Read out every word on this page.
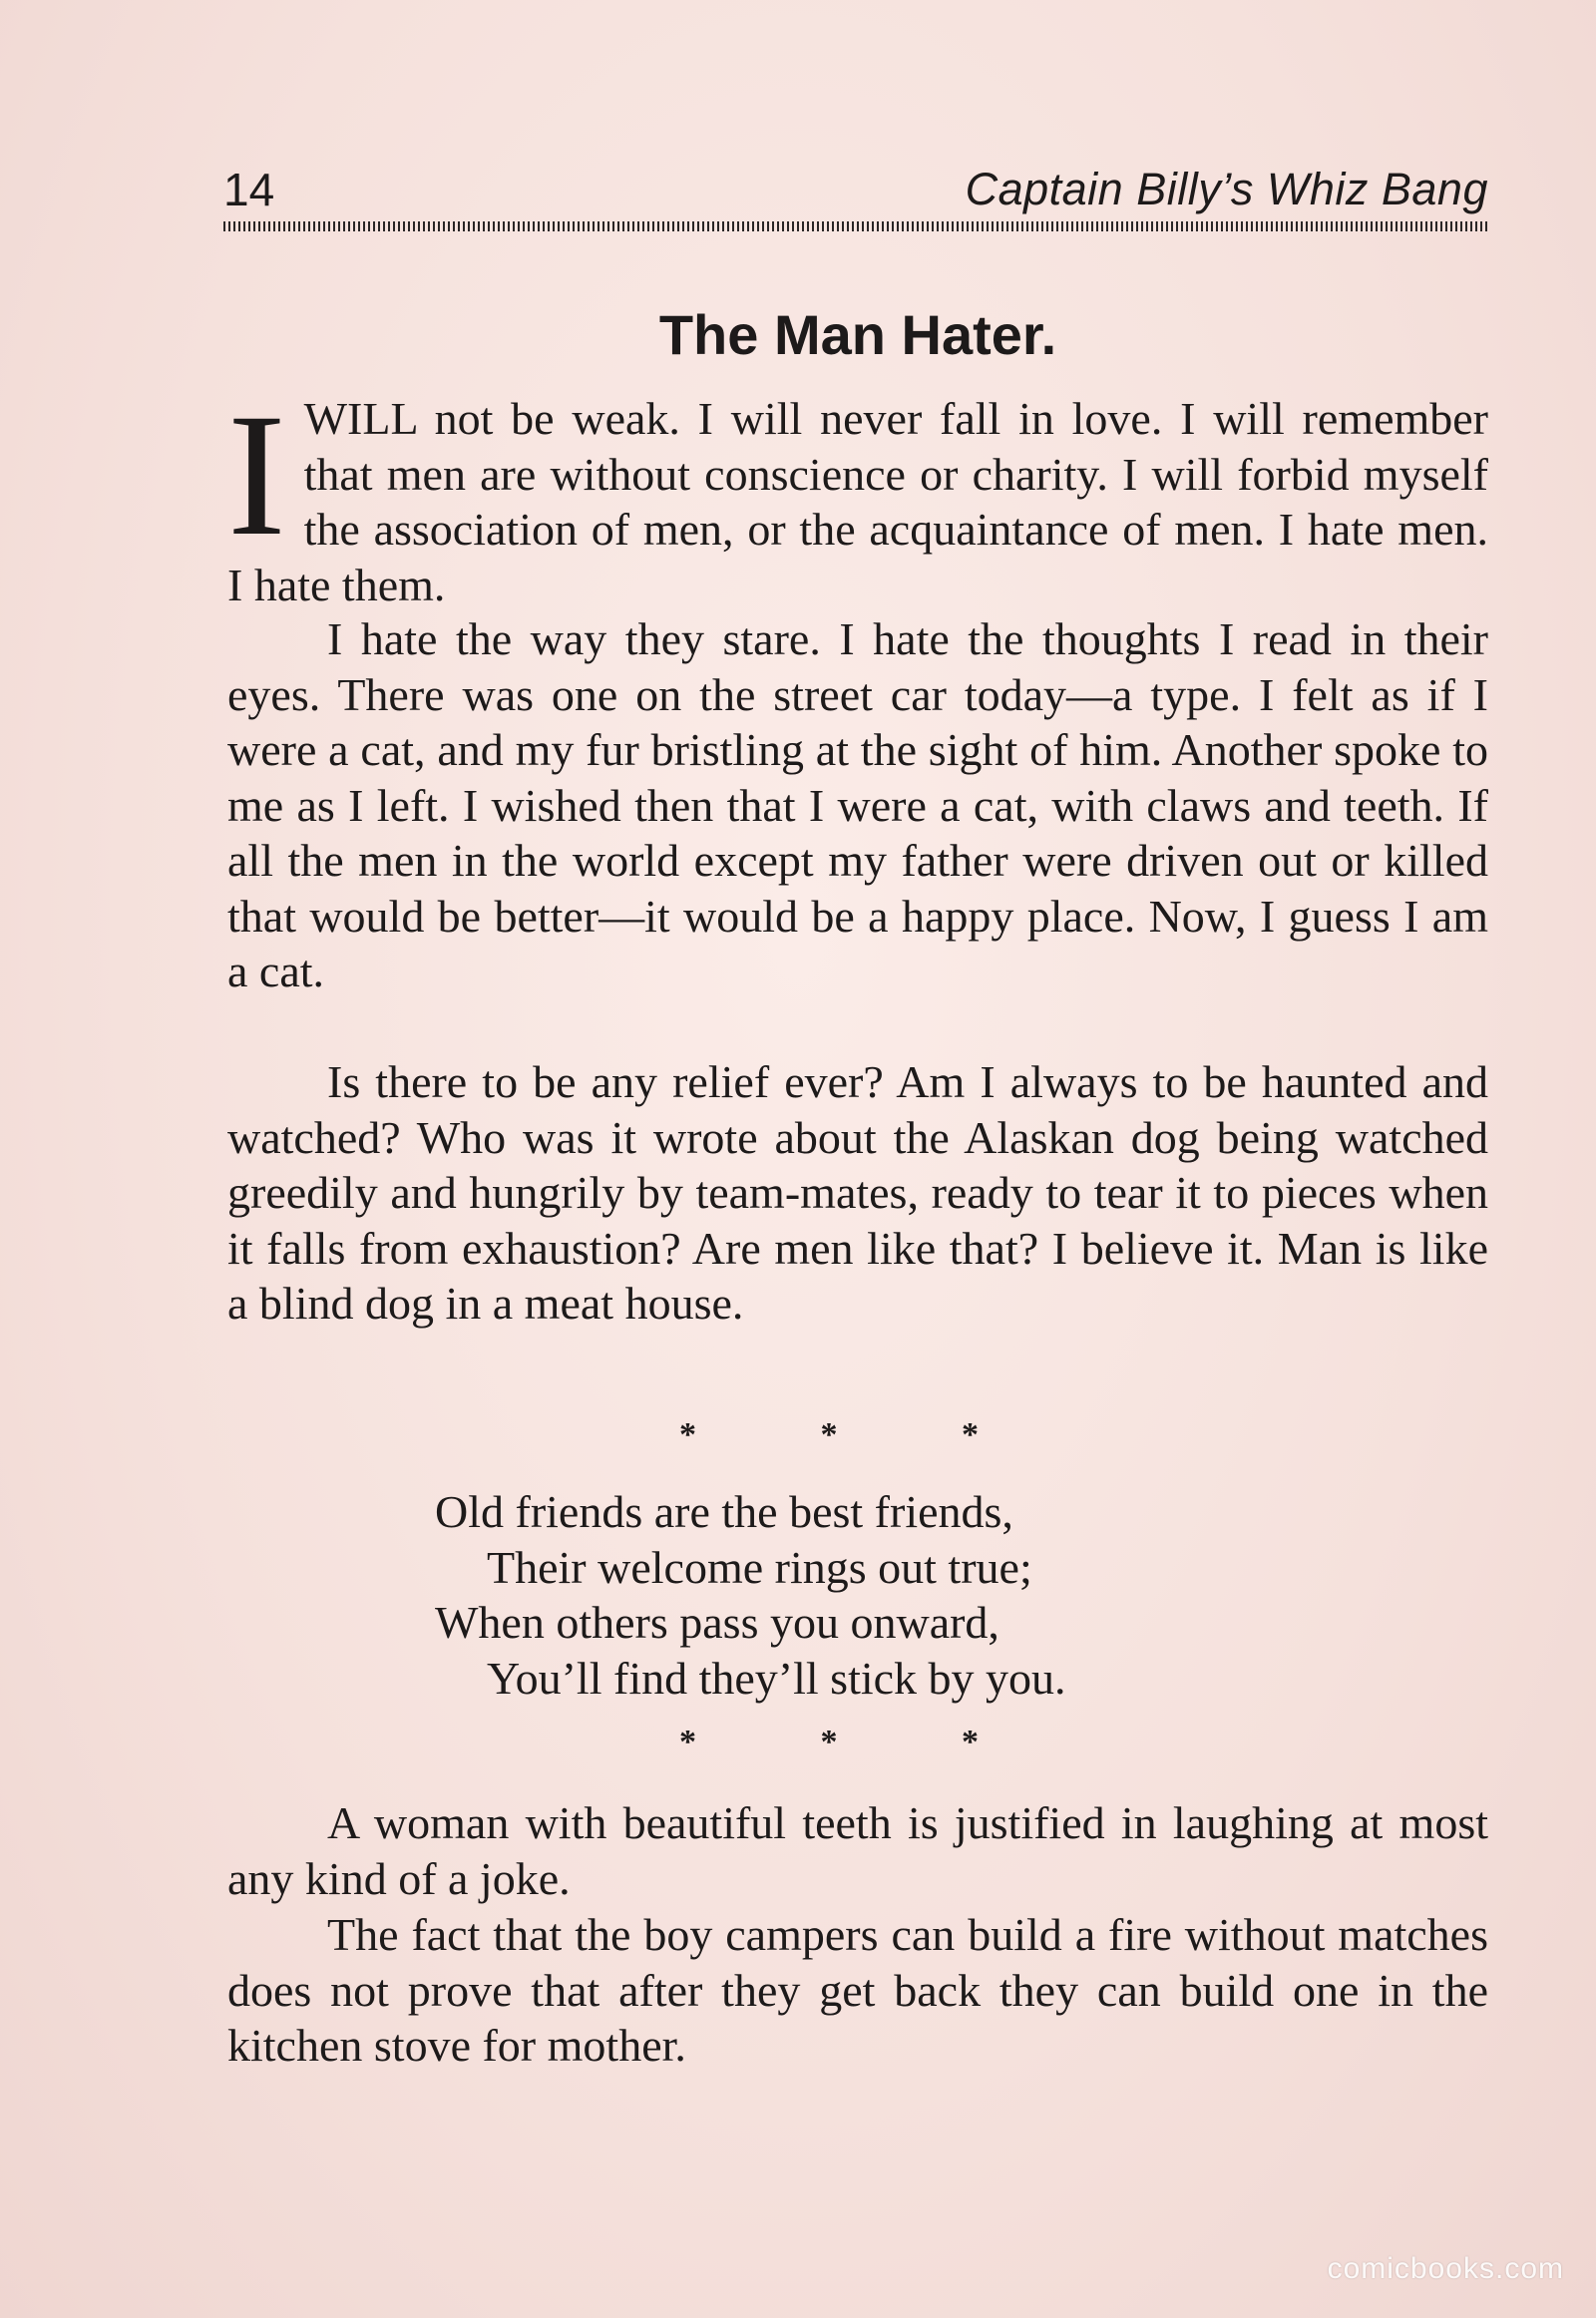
14	Captain Billy’s Whiz Bang
The Man Hater.
I WILL not be weak. I will never fall in love. I will remember that men are without conscience or charity. I will forbid myself the association of men, or the acquaintance of men. I hate men. I hate them.
I hate the way they stare. I hate the thoughts I read in their eyes. There was one on the street car today—a type. I felt as if I were a cat, and my fur bristling at the sight of him. Another spoke to me as I left. I wished then that I were a cat, with claws and teeth. If all the men in the world except my father were driven out or killed that would be better—it would be a happy place. Now, I guess I am a cat.
Is there to be any relief ever? Am I always to be haunted and watched? Who was it wrote about the Alaskan dog being watched greedily and hungrily by team-mates, ready to tear it to pieces when it falls from exhaustion? Are men like that? I believe it. Man is like a blind dog in a meat house.
* * *
Old friends are the best friends,
Their welcome rings out true;
When others pass you onward,
You’ll find they’ll stick by you.
* * *
A woman with beautiful teeth is justified in laughing at most any kind of a joke.
The fact that the boy campers can build a fire without matches does not prove that after they get back they can build one in the kitchen stove for mother.
comicbooks.com
